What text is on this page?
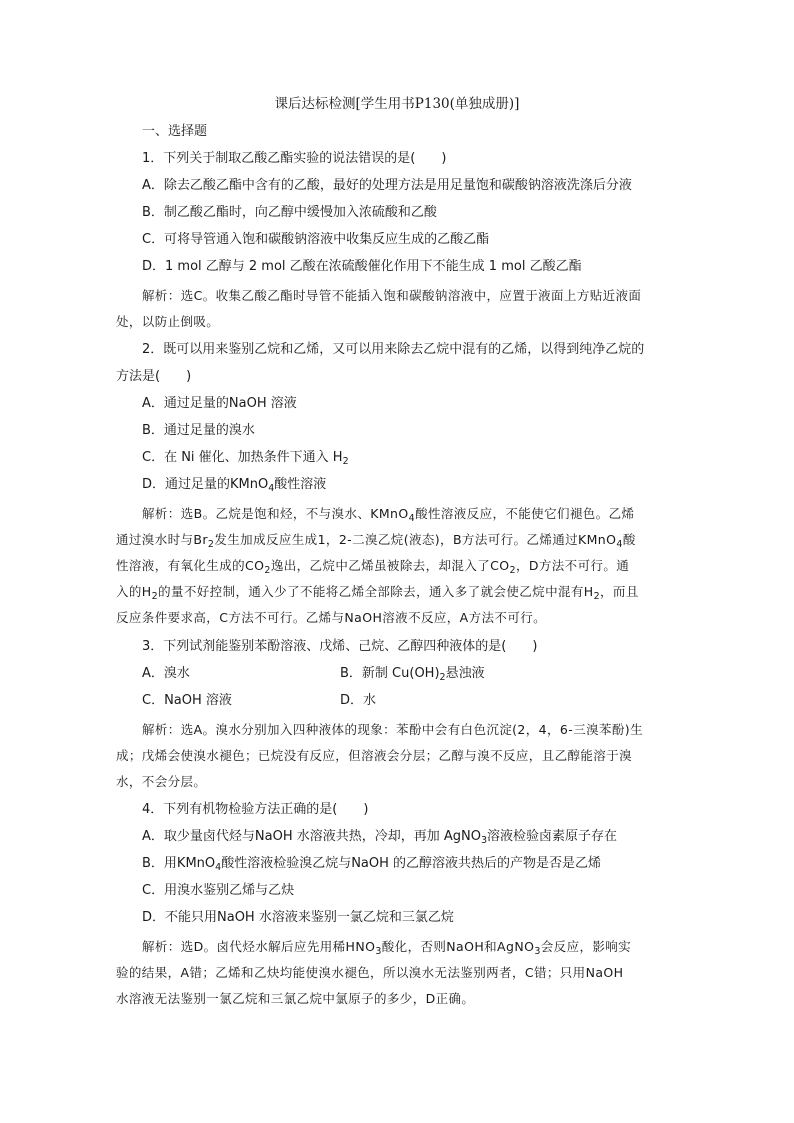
课后达标检测[学生用书P130(单独成册)]
一、选择题
1．下列关于制取乙酸乙酯实验的说法错误的是(　　)
A．除去乙酸乙酯中含有的乙酸，最好的处理方法是用足量饱和碳酸钠溶液洗涤后分液
B．制乙酸乙酯时，向乙醇中缓慢加入浓硫酸和乙酸
C．可将导管通入饱和碳酸钠溶液中收集反应生成的乙酸乙酯
D．1 mol 乙醇与 2 mol 乙酸在浓硫酸催化作用下不能生成 1 mol 乙酸乙酯
解析：选C。收集乙酸乙酯时导管不能插入饱和碳酸钠溶液中，应置于液面上方贴近液面
处，以防止倒吸。
2．既可以用来鉴别乙烷和乙烯，又可以用来除去乙烷中混有的乙烯，以得到纯净乙烷的
方法是(　　)
A．通过足量的NaOH 溶液
B．通过足量的溴水
C．在 Ni 催化、加热条件下通入 $H_2$
D．通过足量的KMnO$_4$酸性溶液
解析：选B。乙烷是饱和烃，不与溴水、KMnO$_4$酸性溶液反应，不能使它们褪色。乙烯
通过溴水时与$Br_2$发生加成反应生成1，2-二溴乙烷(液态)，B方法可行。乙烯通过KMnO$_4$酸
性溶液，有氧化生成的$CO_2$逸出，乙烷中乙烯虽被除去，却混入了$CO_2$，D方法不可行。通
入的$H_2$的量不好控制，通入少了不能将乙烯全部除去，通入多了就会使乙烷中混有$H_2$，而且
反应条件要求高，C方法不可行。乙烯与NaOH溶液不反应，A方法不可行。
3．下列试剂能鉴别苯酚溶液、戊烯、己烷、乙醇四种液体的是(　　)
A．溴水	B．新制 $Cu(OH)_2$悬浊液
C．NaOH 溶液	D．水
解析：选A。溴水分别加入四种液体的现象：苯酚中会有白色沉淀(2，4，6-三溴苯酚)生
成；戊烯会使溴水褪色；已烷没有反应，但溶液会分层；乙醇与溴不反应，且乙醇能溶于溴
水，不会分层。
4．下列有机物检验方法正确的是(　　)
A．取少量卤代烃与NaOH 水溶液共热，冷却，再加 AgNO$_3$溶液检验卤素原子存在
B．用KMnO$_4$酸性溶液检验溴乙烷与NaOH 的乙醇溶液共热后的产物是否是乙烯
C．用溴水鉴别乙烯与乙炔
D．不能只用NaOH 水溶液来鉴别一氯乙烷和三氯乙烷
解析：选D。卤代烃水解后应先用稀$HNO_3$酸化，否则NaOH和AgNO$_3$会反应，影响实
验的结果，A错；乙烯和乙炔均能使溴水褪色，所以溴水无法鉴别两者，C错；只用NaOH
水溶液无法鉴别一氯乙烷和三氯乙烷中氯原子的多少，D正确。
